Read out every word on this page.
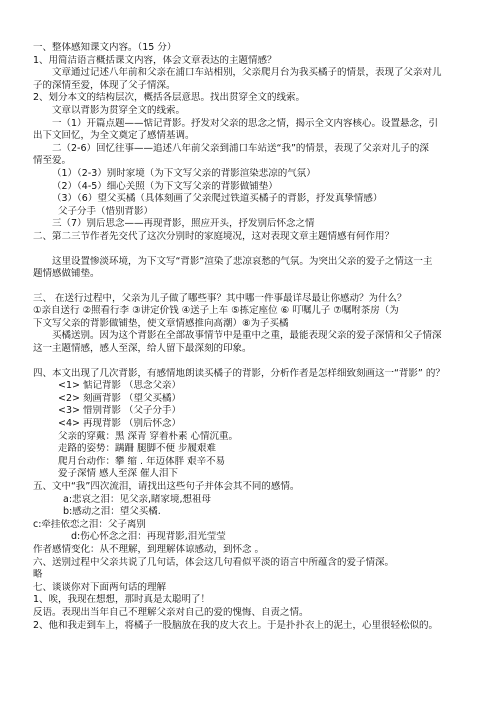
一、整体感知课文内容。（15 分）
1、用简洁语言概括课文内容，体会文章表达的主题情感？
文章通过记述八年前和父亲在浦口车站相别，父亲爬月台为我买橘子的情景，表现了父亲对儿
子的深情至爱，体现了父子情深。
2、划分本文的结构层次，概括各层意思。找出贯穿全文的线索。
文章以背影为贯穿全文的线索。
一（1）开篇点题——惦记背影。抒发对父亲的思念之情，揭示全文内容核心。设置悬念，引
出下文回忆，为全文奠定了感情基调。
二（2-6）回忆往事——追述八年前父亲到浦口车站送“我”的情景，表现了父亲对儿子的深
情至爱。
（1）（2-3）别时家境（为下文写父亲的背影渲染悲凉的气氛）
（2）（4-5）细心关照（为下文写父亲的背影做铺垫）
（3）（6）望父买橘（具体刻画了父亲爬过铁道买橘子的背影，抒发真挚情感）
父子分手（惜别背影）
三（7）别后思念——再现背影，照应开头，抒发别后怀念之情
二、第二三节作者先交代了这次分别时的家庭境况，这对表现文章主题情感有何作用？
这里设置惨淡环境，为下文写“背影”渲染了悲凉哀愁的气氛。为突出父亲的爱子之情这一主
题情感做铺垫。
三、 在送行过程中，父亲为儿子做了哪些事？其中哪一件事最详尽最让你感动？为什么？
①亲自送行 ②照看行李 ③讲定价钱 ④送子上车 ⑤拣定座位 ⑥ 叮嘱儿子 ⑦嘱咐茶房（为
下文写父亲的背影做铺垫，使文章情感推向高潮）⑧为子买橘
买橘送别。因为这个背影在全部故事情节中是重中之重，最能表现父亲的爱子深情和父子情深
这一主题情感，感人至深，给人留下最深刻的印象。
四、本文出现了几次背影，有感情地朗读买橘子的背影，分析作者是怎样细致刻画这一“背影” 的？
<1> 惦记背影 （思念父亲）
<2> 刻画背影 （望父买橘）
<3> 惜别背影 （父子分手）
<4> 再现背影 （别后怀念）
父亲的穿戴：黑 深青 穿着朴素 心情沉重。
走路的姿势：蹒跚 腿脚不便 步履艰难
爬月台动作：攀 缩 . 年迈体胖 艰辛不易
爱子深情 感人至深 催人泪下
五、文中“我”四次流泪，请找出这些句子并体会其不同的感情。
a:悲哀之泪：见父亲,睹家境,想祖母
b:感动之泪：望父买橘.
c:牵挂依恋之泪：父子离别
d:伤心怀念之泪：再现背影,泪光莹莹
作者感情变化：从不理解，到理解体谅感动，到怀念 。
六、送别过程中父亲共说了几句话，体会这几句看似平淡的语言中所蕴含的爱子情深。
略
七、谈谈你对下面两句话的理解
1、唉，我现在想想，那时真是太聪明了！
反语。表现出当年自己不理解父亲对自己的爱的愧悔、自责之情。
2、他和我走到车上，将橘子一股脑放在我的皮大衣上。于是扑扑衣上的泥土，心里很轻松似的。
